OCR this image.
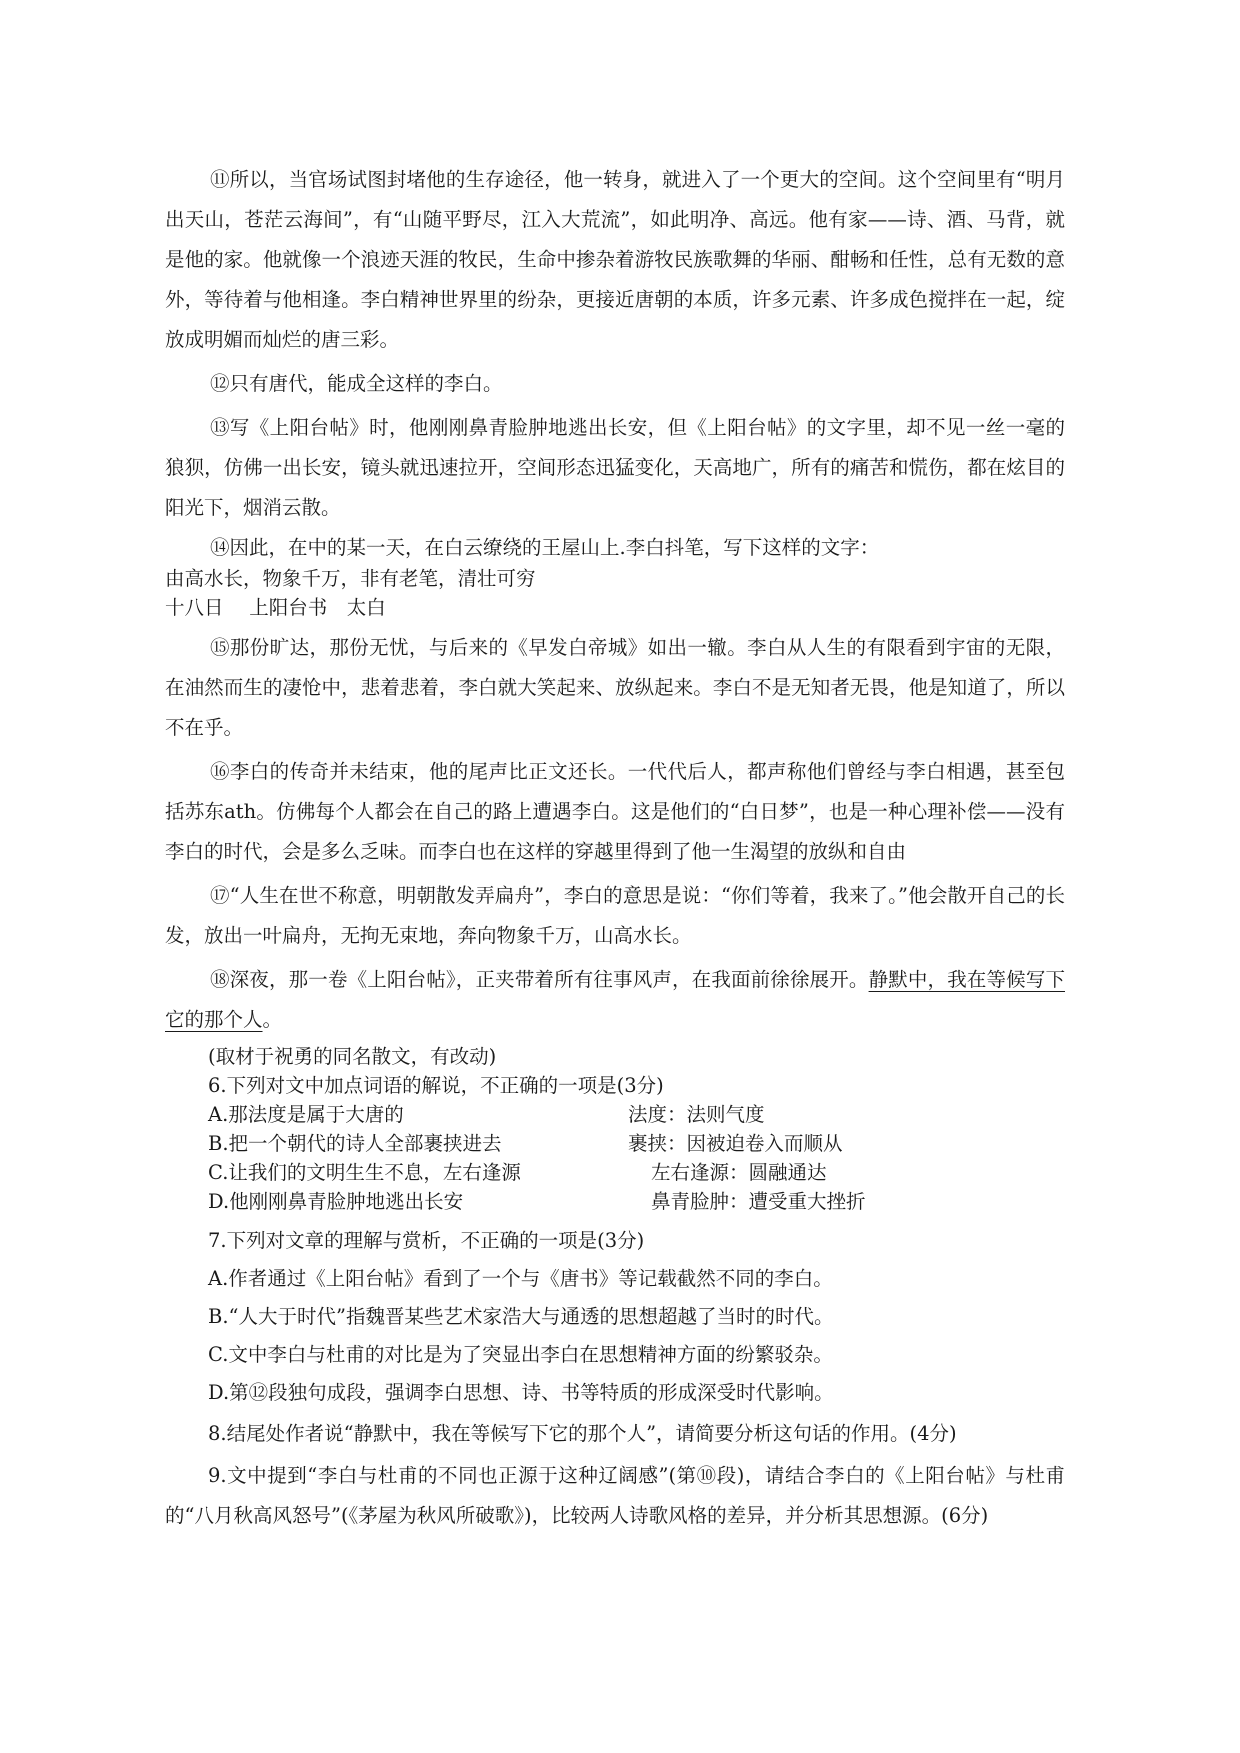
⑪所以，当官场试图封堵他的生存途径，他一转身，就进入了一个更大的空间。这个空间里有“明月出天山，苍茫云海间”，有“山随平野尽，江入大荒流”，如此明净、高远。他有家——诗、酒、马背，就是他的家。他就像一个浪迹天涯的牧民，生命中掺杂着游牧民族歌舞的华丽、酣畅和任性，总有无数的意外，等待着与他相逢。李白精神世界里的纷杂，更接近唐朝的本质，许多元素、许多成色搅拌在一起，绽放成明媚而灿烂的唐三彩。

⑫只有唐代，能成全这样的李白。

⑬写《上阳台帖》时，他刚刚鼻青脸肿地逃出长安，但《上阳台帖》的文字里，却不见一丝一毫的狼狈，仿佛一出长安，镜头就迅速拉开，空间形态迅猛变化，天高地广，所有的痛苦和慌伤，都在炫目的阳光下，烟消云散。

⑭因此，在中的某一天，在白云缭绕的王屋山上.李白抖笔，写下这样的文字：

由高水长，物象千万，非有老笔，清壮可穷

十八日　 上阳台书　太白

⑮那份旷达，那份无忧，与后来的《早发白帝城》如出一辙。李白从人生的有限看到宇宙的无限，在油然而生的凄怆中，悲着悲着，李白就大笑起来、放纵起来。李白不是无知者无畏，他是知道了，所以不在乎。

⑯李白的传奇并未结束，他的尾声比正文还长。一代代后人，都声称他们曾经与李白相遇，甚至包括苏东ath。仿佛每个人都会在自己的路上遭遇李白。这是他们的“白日梦”，也是一种心理补偿——没有李白的时代，会是多么乏味。而李白也在这样的穿越里得到了他一生渴望的放纵和自由

⑰“人生在世不称意，明朝散发弄扁舟”，李白的意思是说：“你们等着，我来了。”他会散开自己的长发，放出一叶扁舟，无拘无束地，奔向物象千万，山高水长。

⑱深夜，那一卷《上阳台帖》，正夹带着所有往事风声，在我面前徐徐展开。静默中，我在等候写下它的那个人。

(取材于祝勇的同名散文，有改动)

6.下列对文中加点词语的解说，不正确的一项是(3分)

A.那法度是属于大唐的	法度：法则气度
B.把一个朝代的诗人全部裹挟进去	裹挟：因被迫卷入而顺从
C.让我们的文明生生不息，左右逢源	左右逢源：圆融通达
D.他刚刚鼻青脸肿地逃出长安	鼻青脸肿：遭受重大挫折

7.下列对文章的理解与赏析，不正确的一项是(3分)

A.作者通过《上阳台帖》看到了一个与《唐书》等记载截然不同的李白。

B.“人大于时代”指魏晋某些艺术家浩大与通透的思想超越了当时的时代。

C.文中李白与杜甫的对比是为了突显出李白在思想精神方面的纷繁驳杂。

D.第⑫段独句成段，强调李白思想、诗、书等特质的形成深受时代影响。

8.结尾处作者说“静默中，我在等候写下它的那个人”，请简要分析这句话的作用。(4分)

9.文中提到“李白与杜甫的不同也正源于这种辽阔感”(第⑩段)，请结合李白的《上阳台帖》与杜甫的“八月秋高风怒号”(《茅屋为秋风所破歌》)，比较两人诗歌风格的差异，并分析其思想源。(6分)
